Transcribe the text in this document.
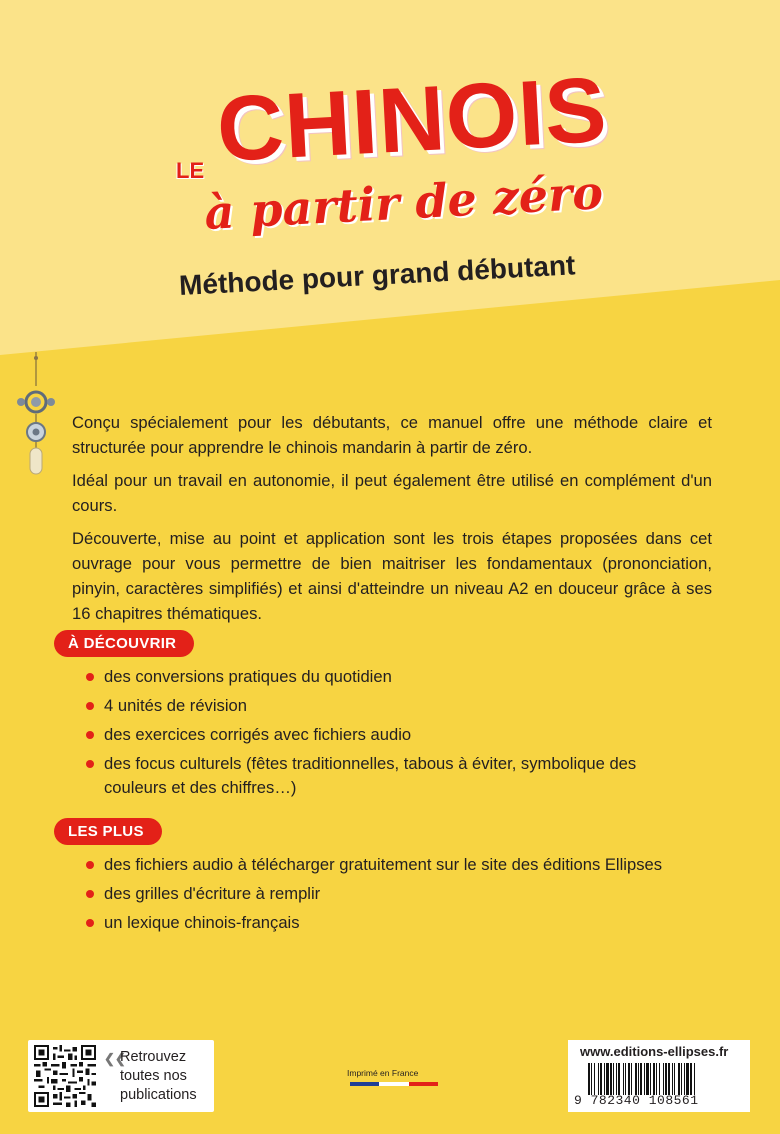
LE CHINOIS
à partir de zéro
Méthode pour grand débutant

Conçu spécialement pour les débutants, ce manuel offre une méthode claire et structurée pour apprendre le chinois mandarin à partir de zéro.

Idéal pour un travail en autonomie, il peut également être utilisé en complément d'un cours.

Découverte, mise au point et application sont les trois étapes proposées dans cet ouvrage pour vous permettre de bien maitriser les fondamentaux (prononciation, pinyin, caractères simplifiés) et ainsi d'atteindre un niveau A2 en douceur grâce à ses 16 chapitres thématiques.

À DÉCOUVRIR
des conversions pratiques du quotidien
4 unités de révision
des exercices corrigés avec fichiers audio
des focus culturels (fêtes traditionnelles, tabous à éviter, symbolique des couleurs et des chiffres…)
LES PLUS
des fichiers audio à télécharger gratuitement sur le site des éditions Ellipses
des grilles d'écriture à remplir
un lexique chinois-français
❮❮
Retrouvez
toutes nos
publications
Imprimé en France
www.editions-ellipses.fr
9 782340 108561
